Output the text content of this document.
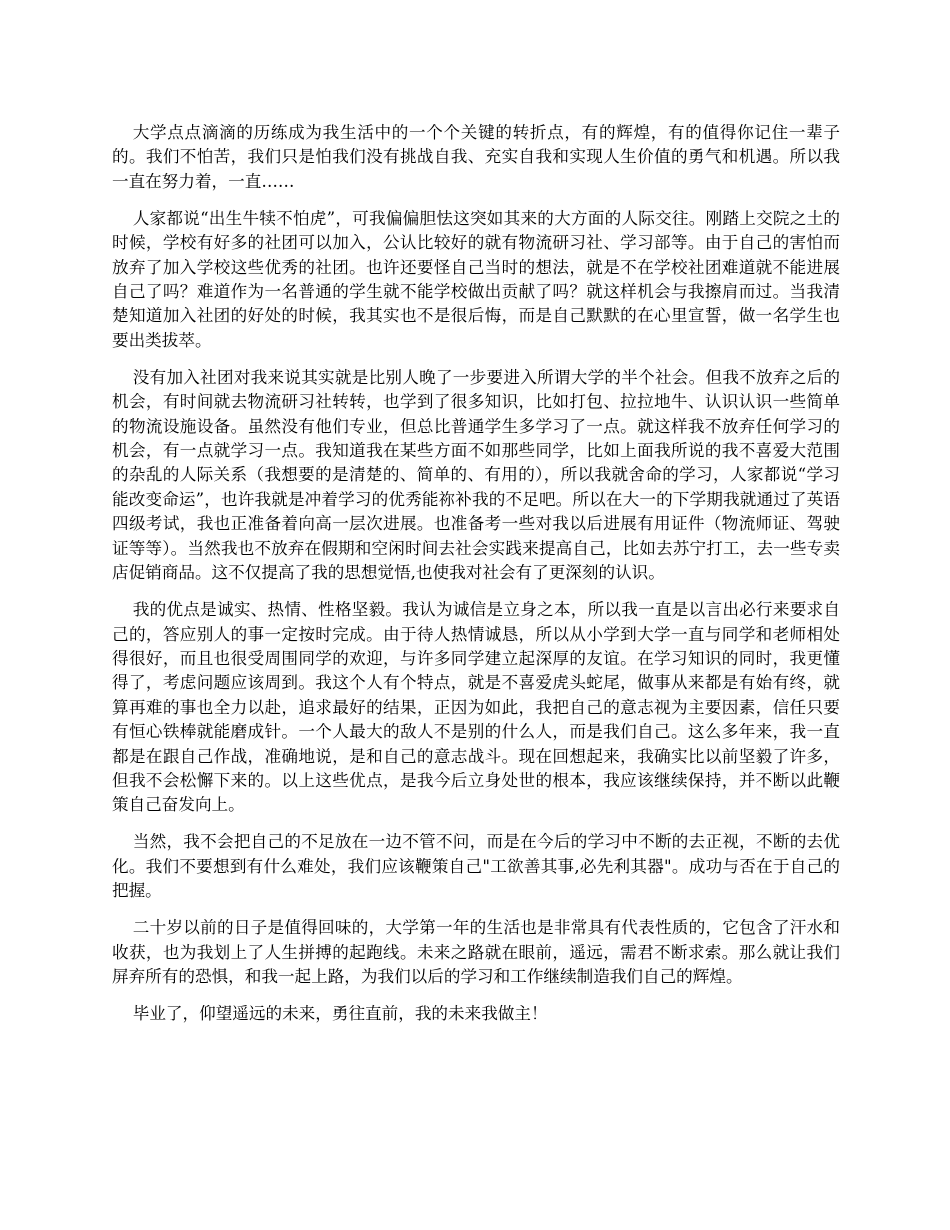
大学点点滴滴的历练成为我生活中的一个个关键的转折点，有的辉煌，有的值得你记住一辈子的。我们不怕苦，我们只是怕我们没有挑战自我、充实自我和实现人生价值的勇气和机遇。所以我一直在努力着，一直……

人家都说“出生牛犊不怕虎”，可我偏偏胆怯这突如其来的大方面的人际交往。刚踏上交院之土的时候，学校有好多的社团可以加入，公认比较好的就有物流研习社、学习部等。由于自己的害怕而放弃了加入学校这些优秀的社团。也许还要怪自己当时的想法，就是不在学校社团难道就不能进展自己了吗？难道作为一名普通的学生就不能学校做出贡献了吗？就这样机会与我擦肩而过。当我清楚知道加入社团的好处的时候，我其实也不是很后悔，而是自己默默的在心里宣誓，做一名学生也要出类拔萃。

没有加入社团对我来说其实就是比别人晚了一步要进入所谓大学的半个社会。但我不放弃之后的机会，有时间就去物流研习社转转，也学到了很多知识，比如打包、拉拉地牛、认识认识一些简单的物流设施设备。虽然没有他们专业，但总比普通学生多学习了一点。就这样我不放弃任何学习的机会，有一点就学习一点。我知道我在某些方面不如那些同学，比如上面我所说的我不喜爱大范围的杂乱的人际关系（我想要的是清楚的、简单的、有用的），所以我就舍命的学习，人家都说“学习能改变命运”，也许我就是冲着学习的优秀能祢补我的不足吧。所以在大一的下学期我就通过了英语四级考试，我也正准备着向高一层次进展。也准备考一些对我以后进展有用证件（物流师证、驾驶证等等）。当然我也不放弃在假期和空闲时间去社会实践来提高自己，比如去苏宁打工，去一些专卖店促销商品。这不仅提高了我的思想觉悟,也使我对社会有了更深刻的认识。

我的优点是诚实、热情、性格坚毅。我认为诚信是立身之本，所以我一直是以言出必行来要求自己的，答应别人的事一定按时完成。由于待人热情诚恳，所以从小学到大学一直与同学和老师相处得很好，而且也很受周围同学的欢迎，与许多同学建立起深厚的友谊。在学习知识的同时，我更懂得了，考虑问题应该周到。我这个人有个特点，就是不喜爱虎头蛇尾，做事从来都是有始有终，就算再难的事也全力以赴，追求最好的结果，正因为如此，我把自己的意志视为主要因素，信任只要有恒心铁棒就能磨成针。一个人最大的敌人不是别的什么人，而是我们自己。这么多年来，我一直都是在跟自己作战，准确地说，是和自己的意志战斗。现在回想起来，我确实比以前坚毅了许多，但我不会松懈下来的。以上这些优点，是我今后立身处世的根本，我应该继续保持，并不断以此鞭策自己奋发向上。

当然，我不会把自己的不足放在一边不管不问，而是在今后的学习中不断的去正视，不断的去优化。我们不要想到有什么难处，我们应该鞭策自己"工欲善其事,必先利其器"。成功与否在于自己的把握。

二十岁以前的日子是值得回味的，大学第一年的生活也是非常具有代表性质的，它包含了汗水和收获，也为我划上了人生拼搏的起跑线。未来之路就在眼前，遥远，需君不断求索。那么就让我们屏弃所有的恐惧，和我一起上路，为我们以后的学习和工作继续制造我们自己的辉煌。

毕业了，仰望遥远的未来，勇往直前，我的未来我做主！
